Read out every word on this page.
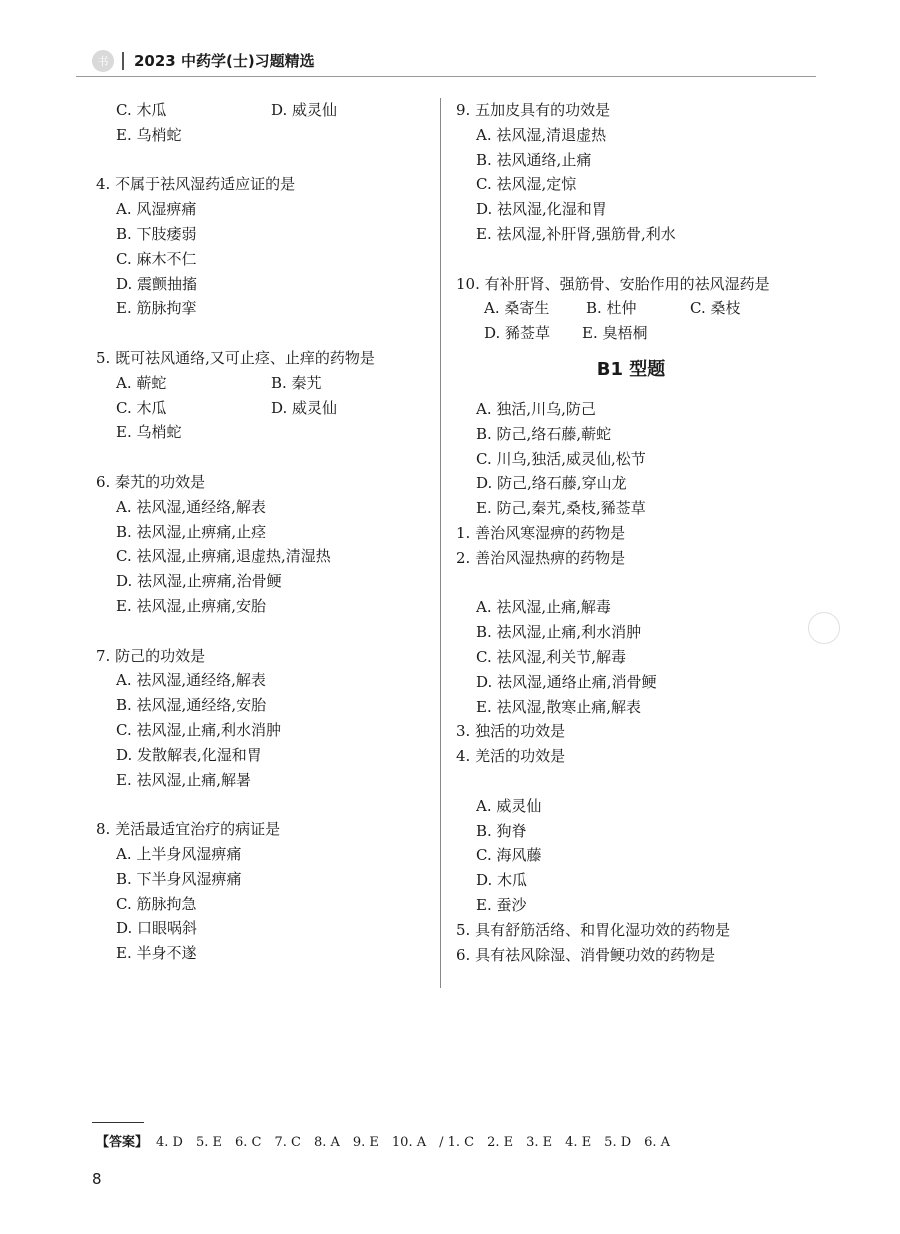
书 2023 中药学(士)习题精选
C. 木瓜	D. 威灵仙
E. 乌梢蛇
4. 不属于祛风湿药适应证的是
A. 风湿痹痛
B. 下肢痿弱
C. 麻木不仁
D. 震颤抽搐
E. 筋脉拘挛
5. 既可祛风通络,又可止痉、止痒的药物是
A. 蕲蛇	B. 秦艽
C. 木瓜	D. 威灵仙
E. 乌梢蛇
6. 秦艽的功效是
A. 祛风湿,通经络,解表
B. 祛风湿,止痹痛,止痉
C. 祛风湿,止痹痛,退虚热,清湿热
D. 祛风湿,止痹痛,治骨鲠
E. 祛风湿,止痹痛,安胎
7. 防己的功效是
A. 祛风湿,通经络,解表
B. 祛风湿,通经络,安胎
C. 祛风湿,止痛,利水消肿
D. 发散解表,化湿和胃
E. 祛风湿,止痛,解暑
8. 羌活最适宜治疗的病证是
A. 上半身风湿痹痛
B. 下半身风湿痹痛
C. 筋脉拘急
D. 口眼㖞斜
E. 半身不遂
9. 五加皮具有的功效是
A. 祛风湿,清退虚热
B. 祛风通络,止痛
C. 祛风湿,定惊
D. 祛风湿,化湿和胃
E. 祛风湿,补肝肾,强筋骨,利水
10. 有补肝肾、强筋骨、安胎作用的祛风湿药是
A. 桑寄生 B. 杜仲	C. 桑枝
D. 豨莶草 E. 臭梧桐
B1 型题
A. 独活,川乌,防己
B. 防己,络石藤,蕲蛇
C. 川乌,独活,威灵仙,松节
D. 防己,络石藤,穿山龙
E. 防己,秦艽,桑枝,豨莶草
1. 善治风寒湿痹的药物是
2. 善治风湿热痹的药物是
A. 祛风湿,止痛,解毒
B. 祛风湿,止痛,利水消肿
C. 祛风湿,利关节,解毒
D. 祛风湿,通络止痛,消骨鲠
E. 祛风湿,散寒止痛,解表
3. 独活的功效是
4. 羌活的功效是
A. 威灵仙
B. 狗脊
C. 海风藤
D. 木瓜
E. 蚕沙
5. 具有舒筋活络、和胃化湿功效的药物是
6. 具有祛风除湿、消骨鲠功效的药物是
【答案】 4. D　5. E　6. C　7. C　8. A　9. E　10. A　/ 1. C　2. E　3. E　4. E　5. D　6. A
8
